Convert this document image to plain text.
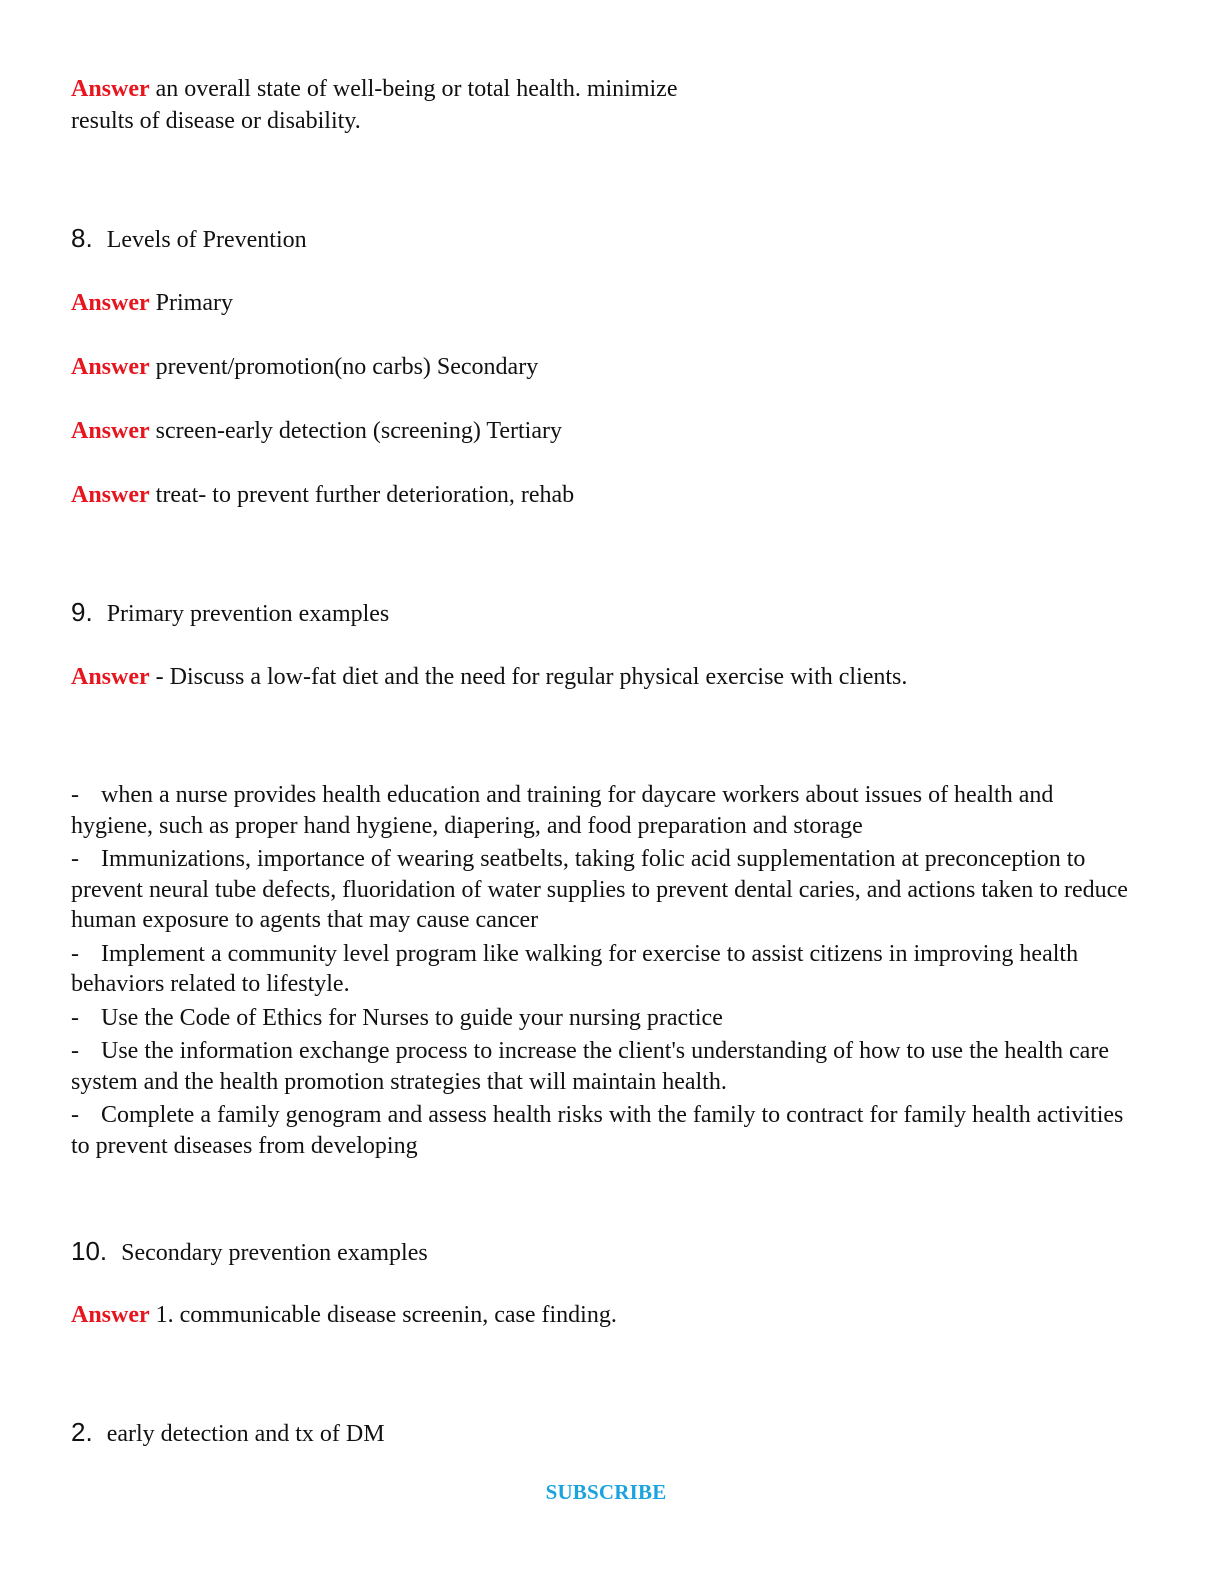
Answer an overall state of well-being or total health. minimize
results of disease or disability.
8. Levels of Prevention
Answer Primary
Answer prevent/promotion(no carbs) Secondary
Answer screen-early detection (screening) Tertiary
Answer treat- to prevent further deterioration, rehab
9. Primary prevention examples
Answer - Discuss a low-fat diet and the need for regular physical exercise with clients.
- when a nurse provides health education and training for daycare workers about issues of health and hygiene, such as proper hand hygiene, diapering, and food preparation and storage
- Immunizations, importance of wearing seatbelts, taking folic acid supplementation at preconception to prevent neural tube defects, fluoridation of water supplies to prevent dental caries, and actions taken to reduce human exposure to agents that may cause cancer
- Implement a community level program like walking for exercise to assist citizens in improving health behaviors related to lifestyle.
- Use the Code of Ethics for Nurses to guide your nursing practice
- Use the information exchange process to increase the client's understanding of how to use the health care system and the health promotion strategies that will maintain health.
- Complete a family genogram and assess health risks with the family to contract for family health activities to prevent diseases from developing
10. Secondary prevention examples
Answer 1. communicable disease screenin, case finding.
2. early detection and tx of DM
SUBSCRIBE
